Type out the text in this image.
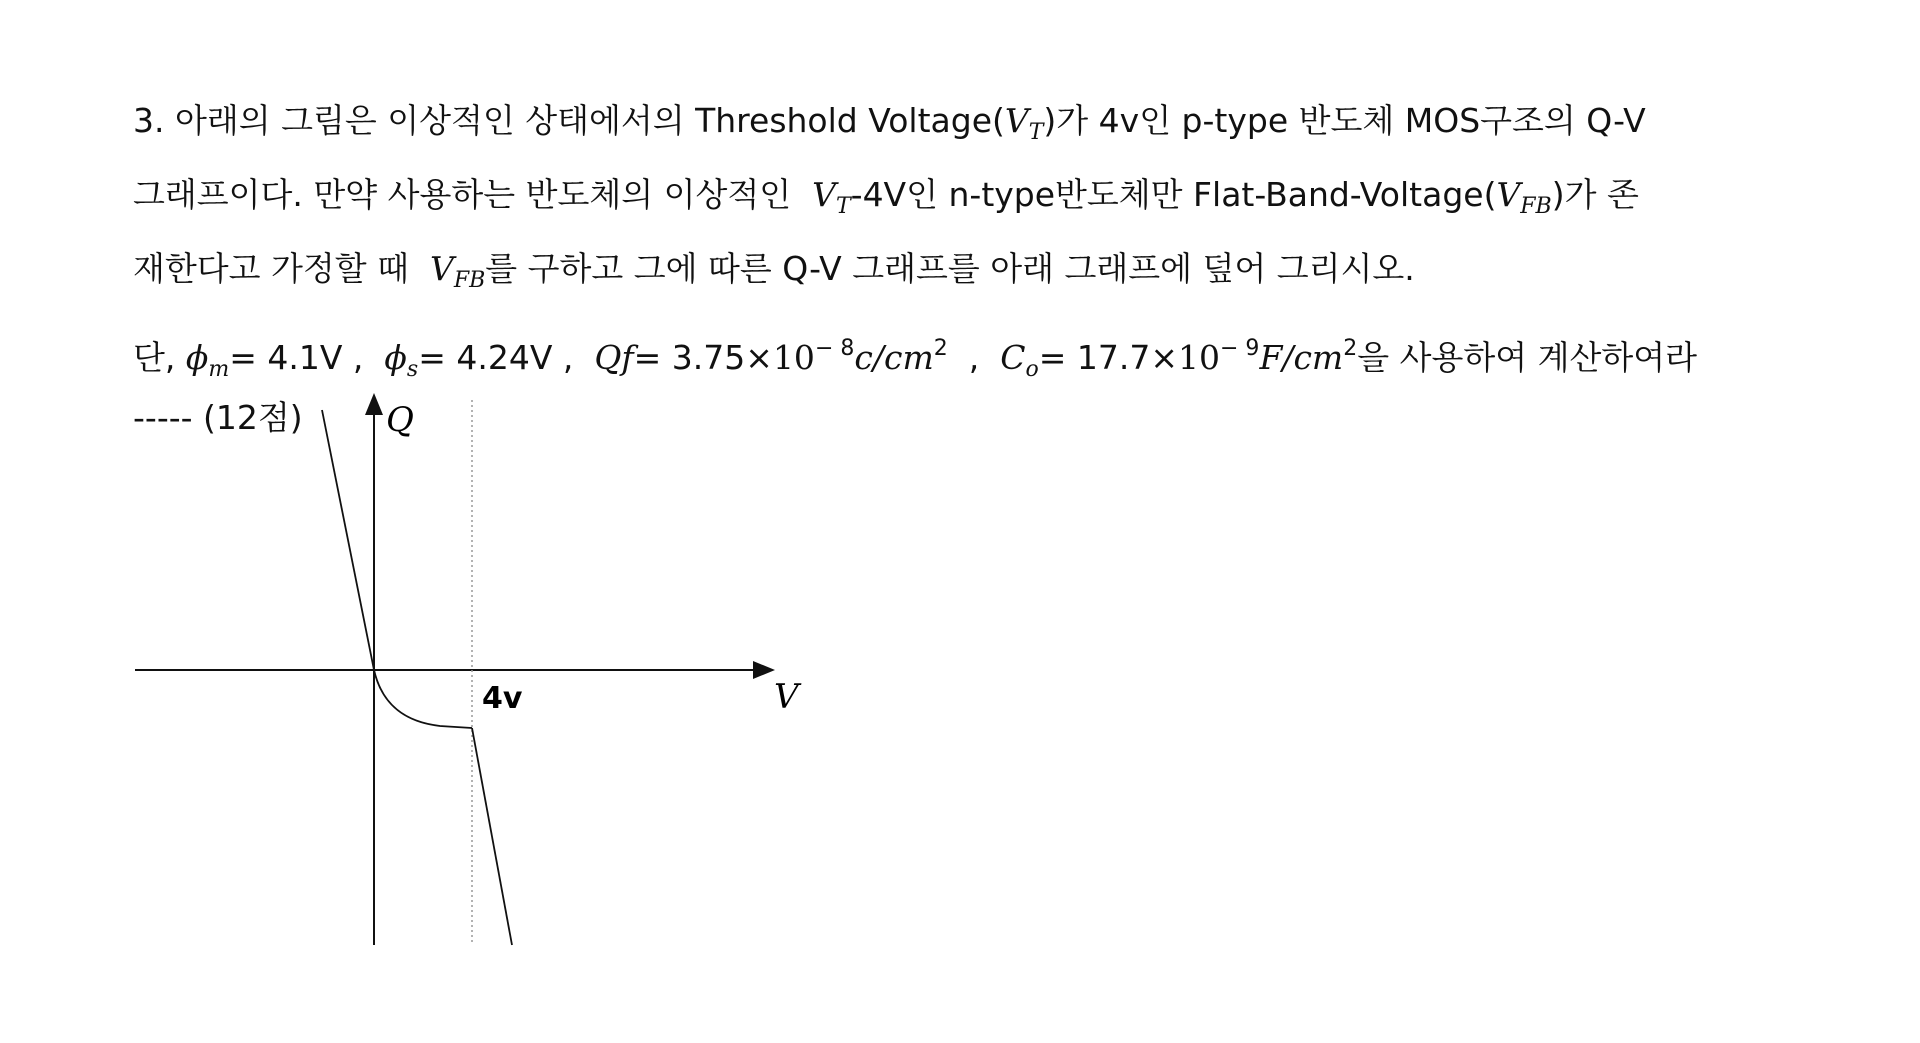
3. 아래의 그림은 이상적인 상태에서의 Threshold $Voltage(V_T)$가 4v인 p-type 반도체 MOS구조의 Q-V
그래프이다. 만약 사용하는 반도체의 이상적인 $V_T-4V$인 n-type반도체만 Flat-$Band-Voltage(V_{FB})$가 존
재한다고 가정할 때 $V_{FB}$를 구하고 그에 따른 Q-V 그래프를 아래 그래프에 덮어 그리시오.
단, $\phi_m= 4.1V$ , $\phi_s= 4.24V$ , $Qf= 3.75\times 10^{- 8}c/cm^2$ , $C_o= 17.7\times 10^{- 9}F/cm^2$을 사용하여 계산하여라
----- (12점) Q
V
4v
